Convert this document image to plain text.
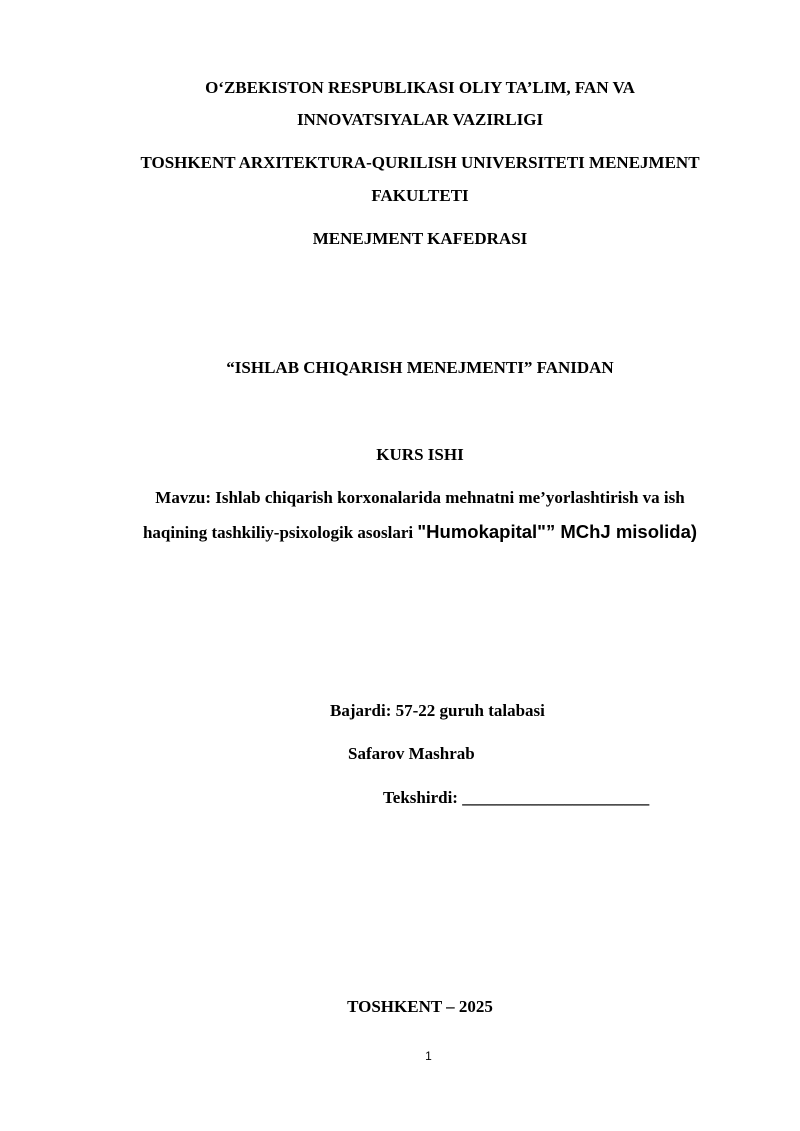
O‘ZBEKISTON RESPUBLIKASI OLIY TA’LIM, FAN VA
INNOVATSIYALAR VAZIRLIGI
TOSHKENT ARXITEKTURA-QURILISH UNIVERSITETI MENEJMENT
FAKULTETI
MENEJMENT KAFEDRASI
“ISHLAB CHIQARISH MENEJMENTI” FANIDAN
KURS ISHI
Mavzu: Ishlab chiqarish korxonalarida mehnatni me’yorlashtirish va ish
haqining tashkiliy-psixologik asoslari "Humokapital"” MChJ misolida)
Bajardi: 57-22 guruh talabasi
Safarov Mashrab
Tekshirdi: ______________________
TOSHKENT – 2025
1
